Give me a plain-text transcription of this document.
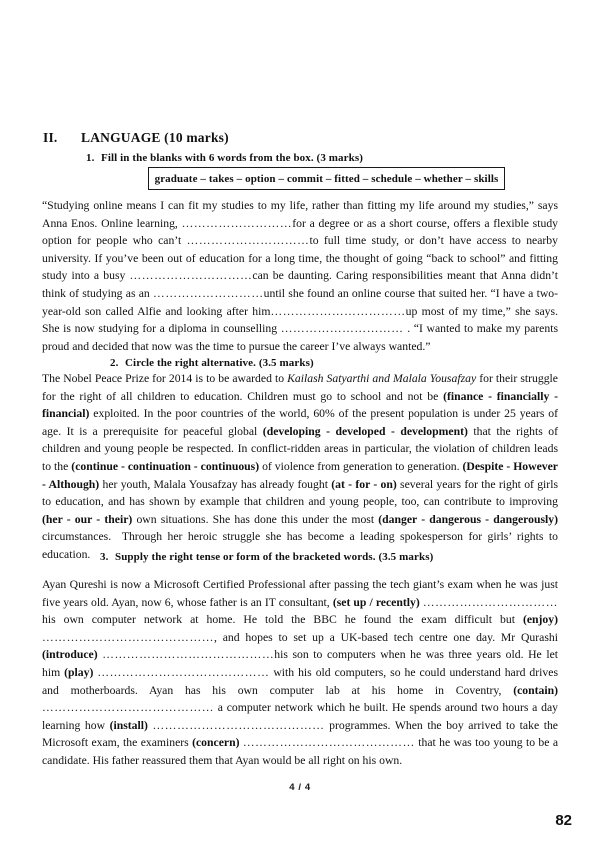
II. LANGUAGE (10 marks)
1. Fill in the blanks with 6 words from the box. (3 marks)
graduate – takes – option – commit – fitted – schedule – whether – skills
“Studying online means I can fit my studies to my life, rather than fitting my life around my studies,” says Anna Enos. Online learning, ………………………for a degree or as a short course, offers a flexible study option for people who can’t …………………………to full time study, or don’t have access to nearby university. If you’ve been out of education for a long time, the thought of going “back to school” and fitting study into a busy …………………………can be daunting. Caring responsibilities meant that Anna didn’t think of studying as an ………………………until she found an online course that suited her. “I have a two-year-old son called Alfie and looking after him……………………………up most of my time,” she says. She is now studying for a diploma in counselling ………………………… . “I wanted to make my parents proud and decided that now was the time to pursue the career I’ve always wanted.”
2. Circle the right alternative. (3.5 marks)
The Nobel Peace Prize for 2014 is to be awarded to Kailash Satyarthi and Malala Yousafzay for their struggle for the right of all children to education. Children must go to school and not be (finance - financially - financial) exploited. In the poor countries of the world, 60% of the present population is under 25 years of age. It is a prerequisite for peaceful global (developing - developed - development) that the rights of children and young people be respected. In conflict-ridden areas in particular, the violation of children leads to the (continue - continuation - continuous) of violence from generation to generation. (Despite - However - Although) her youth, Malala Yousafzay has already fought (at - for - on) several years for the right of girls to education, and has shown by example that children and young people, too, can contribute to improving (her - our - their) own situations. She has done this under the most (danger - dangerous - dangerously) circumstances.  Through her heroic struggle she has become a leading spokesperson for girls’ rights to education. 3. Supply the right tense or form of the bracketed words. (3.5 marks)
Ayan Qureshi is now a Microsoft Certified Professional after passing the tech giant’s exam when he was just five years old. Ayan, now 6, whose father is an IT consultant, (set up / recently) …………………………… his own computer network at home. He told the BBC he found the exam difficult but (enjoy) ……………………………………, and hopes to set up a UK-based tech centre one day. Mr Qurashi (introduce) ……………………………………his son to computers when he was three years old. He let him (play) …………………………………… with his old computers, so he could understand hard drives and motherboards. Ayan has his own computer lab at his home in Coventry, (contain) …………………………………… a computer network which he built. He spends around two hours a day learning how (install) …………………………………… programmes. When the boy arrived to take the Microsoft exam, the examiners (concern) …………………………………… that he was too young to be a candidate. His father reassured them that Ayan would be all right on his own.
4 / 4
82
